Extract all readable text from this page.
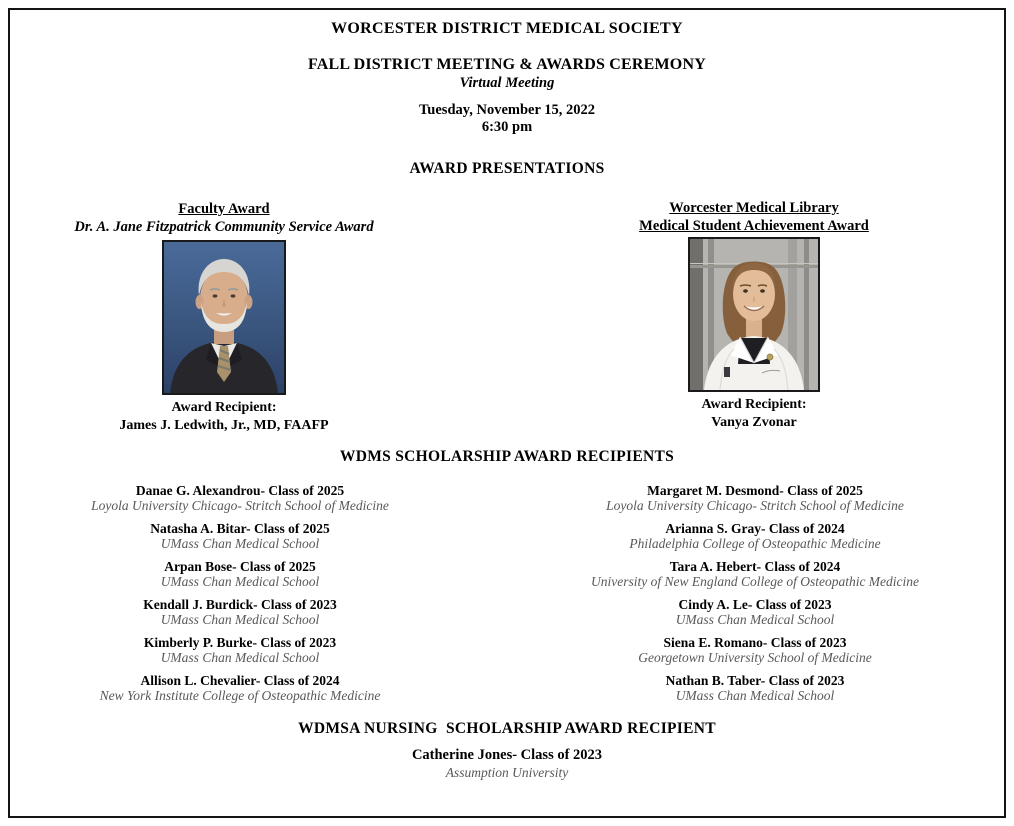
WORCESTER DISTRICT MEDICAL SOCIETY
FALL DISTRICT MEETING & AWARDS CEREMONY
Virtual Meeting
Tuesday, November 15, 2022
6:30 pm
AWARD PRESENTATIONS
Faculty Award
Dr. A. Jane Fitzpatrick Community Service Award
Award Recipient:
James J. Ledwith, Jr., MD, FAAFP
Worcester Medical Library
Medical Student Achievement Award
Award Recipient:
Vanya Zvonar
WDMS SCHOLARSHIP AWARD RECIPIENTS
Danae G. Alexandrou- Class of 2025
Loyola University Chicago- Stritch School of Medicine
Natasha A. Bitar- Class of 2025
UMass Chan Medical School
Arpan Bose- Class of 2025
UMass Chan Medical School
Kendall J. Burdick- Class of 2023
UMass Chan Medical School
Kimberly P. Burke- Class of 2023
UMass Chan Medical School
Allison L. Chevalier- Class of 2024
New York Institute College of Osteopathic Medicine
Margaret M. Desmond- Class of 2025
Loyola University Chicago- Stritch School of Medicine
Arianna S. Gray- Class of 2024
Philadelphia College of Osteopathic Medicine
Tara A. Hebert- Class of 2024
University of New England College of Osteopathic Medicine
Cindy A. Le- Class of 2023
UMass Chan Medical School
Siena E. Romano- Class of 2023
Georgetown University School of Medicine
Nathan B. Taber- Class of 2023
UMass Chan Medical School
WDMSA NURSING  SCHOLARSHIP AWARD RECIPIENT
Catherine Jones- Class of 2023
Assumption University
